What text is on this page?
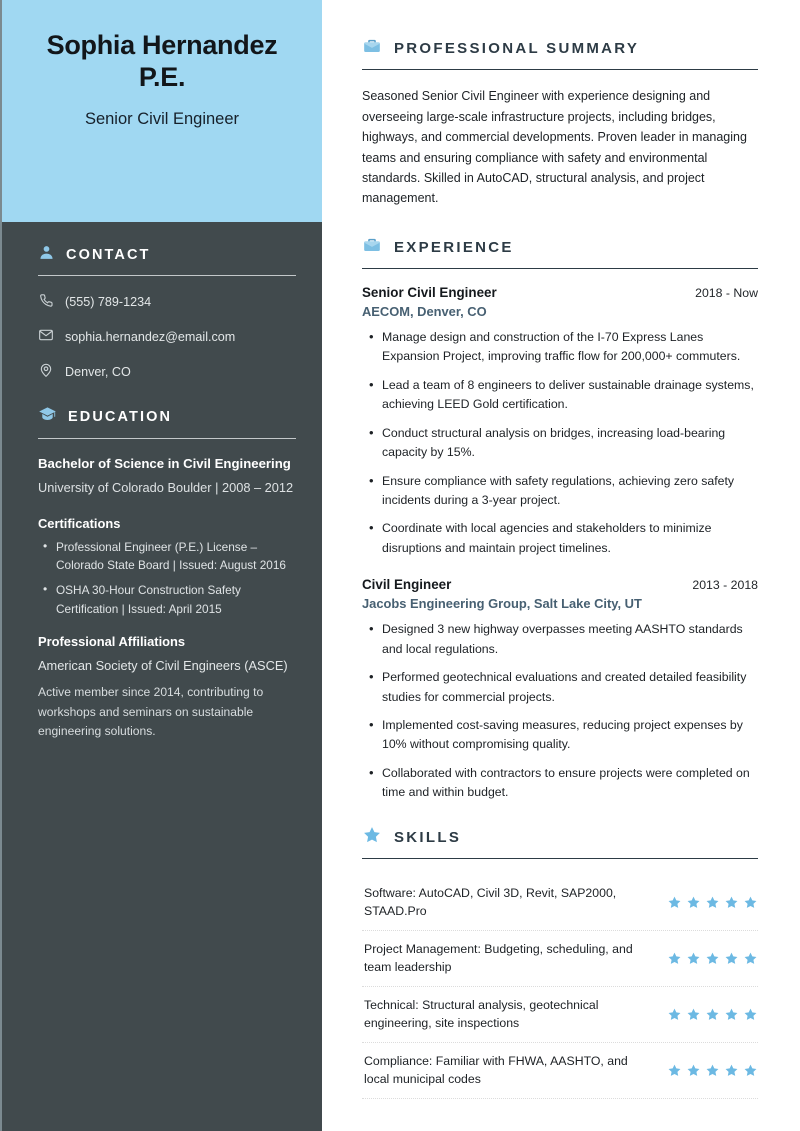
Sophia Hernandez P.E.
Senior Civil Engineer
CONTACT
(555) 789-1234
sophia.hernandez@email.com
Denver, CO
EDUCATION
Bachelor of Science in Civil Engineering
University of Colorado Boulder | 2008 – 2012
Certifications
• Professional Engineer (P.E.) License – Colorado State Board | Issued: August 2016
• OSHA 30-Hour Construction Safety Certification | Issued: April 2015
Professional Affiliations
American Society of Civil Engineers (ASCE)
Active member since 2014, contributing to workshops and seminars on sustainable engineering solutions.
PROFESSIONAL SUMMARY

Seasoned Senior Civil Engineer with experience designing and overseeing large-scale infrastructure projects, including bridges, highways, and commercial developments. Proven leader in managing teams and ensuring compliance with safety and environmental standards. Skilled in AutoCAD, structural analysis, and project management.

EXPERIENCE
Senior Civil Engineer	2018 - Now
AECOM, Denver, CO
• Manage design and construction of the I-70 Express Lanes Expansion Project, improving traffic flow for 200,000+ commuters.
• Lead a team of 8 engineers to deliver sustainable drainage systems, achieving LEED Gold certification.
• Conduct structural analysis on bridges, increasing load-bearing capacity by 15%.
• Ensure compliance with safety regulations, achieving zero safety incidents during a 3-year project.
• Coordinate with local agencies and stakeholders to minimize disruptions and maintain project timelines.
Civil Engineer	2013 - 2018
Jacobs Engineering Group, Salt Lake City, UT
• Designed 3 new highway overpasses meeting AASHTO standards and local regulations.
• Performed geotechnical evaluations and created detailed feasibility studies for commercial projects.
• Implemented cost-saving measures, reducing project expenses by 10% without compromising quality.
• Collaborated with contractors to ensure projects were completed on time and within budget.
SKILLS
Software: AutoCAD, Civil 3D, Revit, SAP2000, STAAD.Pro
Project Management: Budgeting, scheduling, and team leadership
Technical: Structural analysis, geotechnical engineering, site inspections
Compliance: Familiar with FHWA, AASHTO, and local municipal codes
